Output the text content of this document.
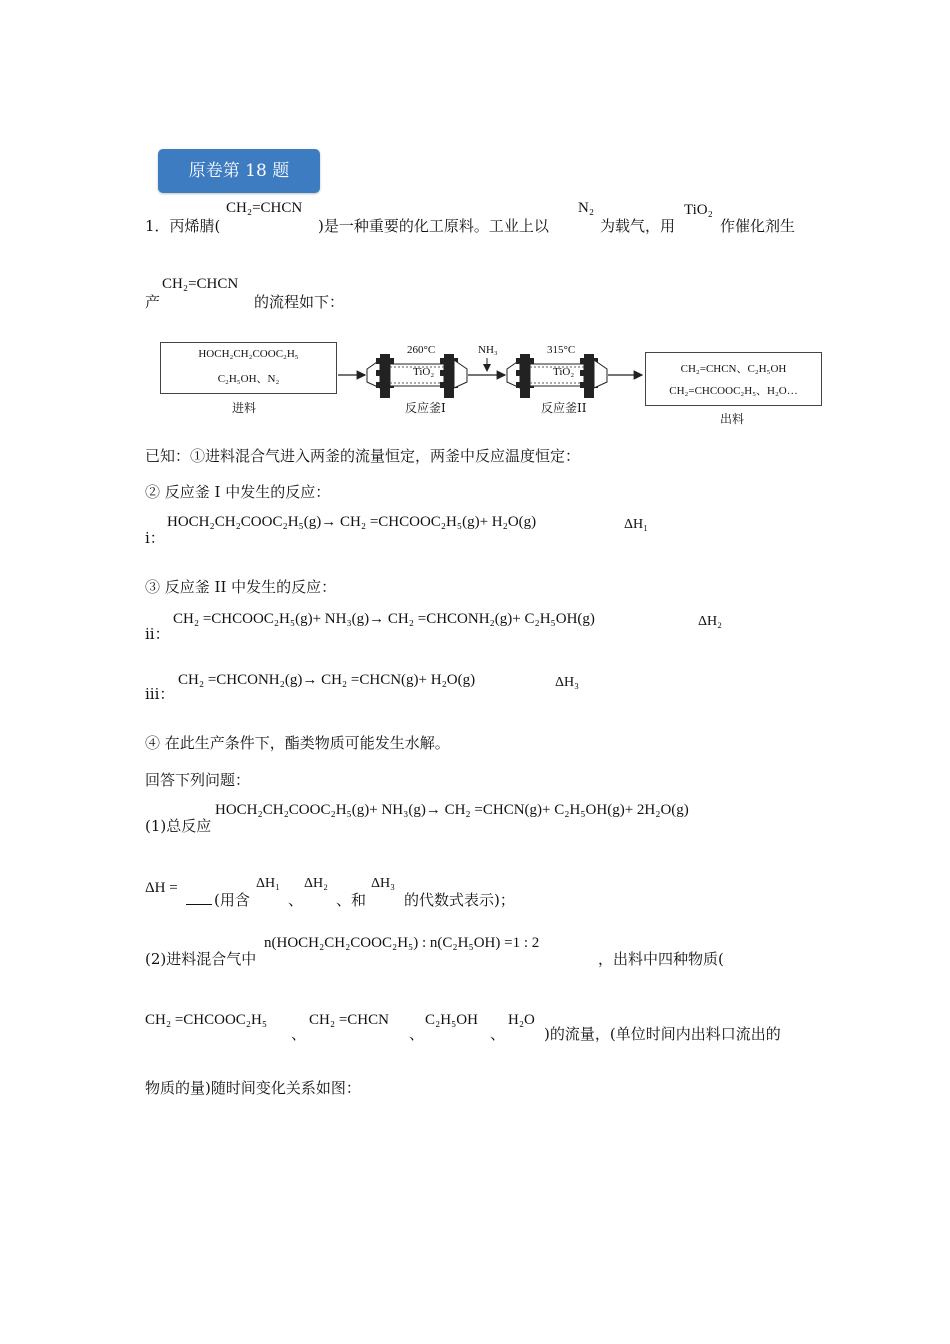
原卷第 18 题
1．丙烯腈(
CH₂=CHCN
)是一种重要的化工原料。工业上以
N₂
为载气，用
TiO₂
作催化剂生
产
CH₂=CHCN
的流程如下：
HOCH₂CH₂COOC₂H₅
C₂H₅OH、N₂
进料
260°C
TiO₂
反应釜I
NH₃	315°C
TiO₂
反应釜II
CH₂=CHCN、C₂H₅OH
CH₂=CHCOOC₂H₅、H₂O…
出料
已知：①进料混合气进入两釜的流量恒定，两釜中反应温度恒定：
② 反应釜 I 中发生的反应：
i：
HOCH₂CH₂COOC₂H₅(g)→ CH₂ =CHCOOC₂H₅(g)+ H₂O(g)	ΔH₁
③ 反应釜 II 中发生的反应：
ii：
CH₂ =CHCOOC₂H₅(g)+ NH₃(g)→ CH₂ =CHCONH₂(g)+ C₂H₅OH(g)	ΔH₂
iii：
CH₂ =CHCONH₂(g)→ CH₂ =CHCN(g)+ H₂O(g)	ΔH₃
④ 在此生产条件下，酯类物质可能发生水解。
回答下列问题：
(1)总反应
HOCH₂CH₂COOC₂H₅(g)+ NH₃(g)→ CH₂ =CHCN(g)+ C₂H₅OH(g)+ 2H₂O(g)
ΔH =
(用含
ΔH₁
、
ΔH₂
、和
ΔH₃
的代数式表示)；
(2)进料混合气中
n(HOCH₂CH₂COOC₂H₅) : n(C₂H₅OH) =1 : 2
，出料中四种物质(
CH₂ =CHCOOC₂H₅
、
CH₂ =CHCN
、
C₂H₅OH
、
H₂O
)的流量，(单位时间内出料口流出的
物质的量)随时间变化关系如图：
